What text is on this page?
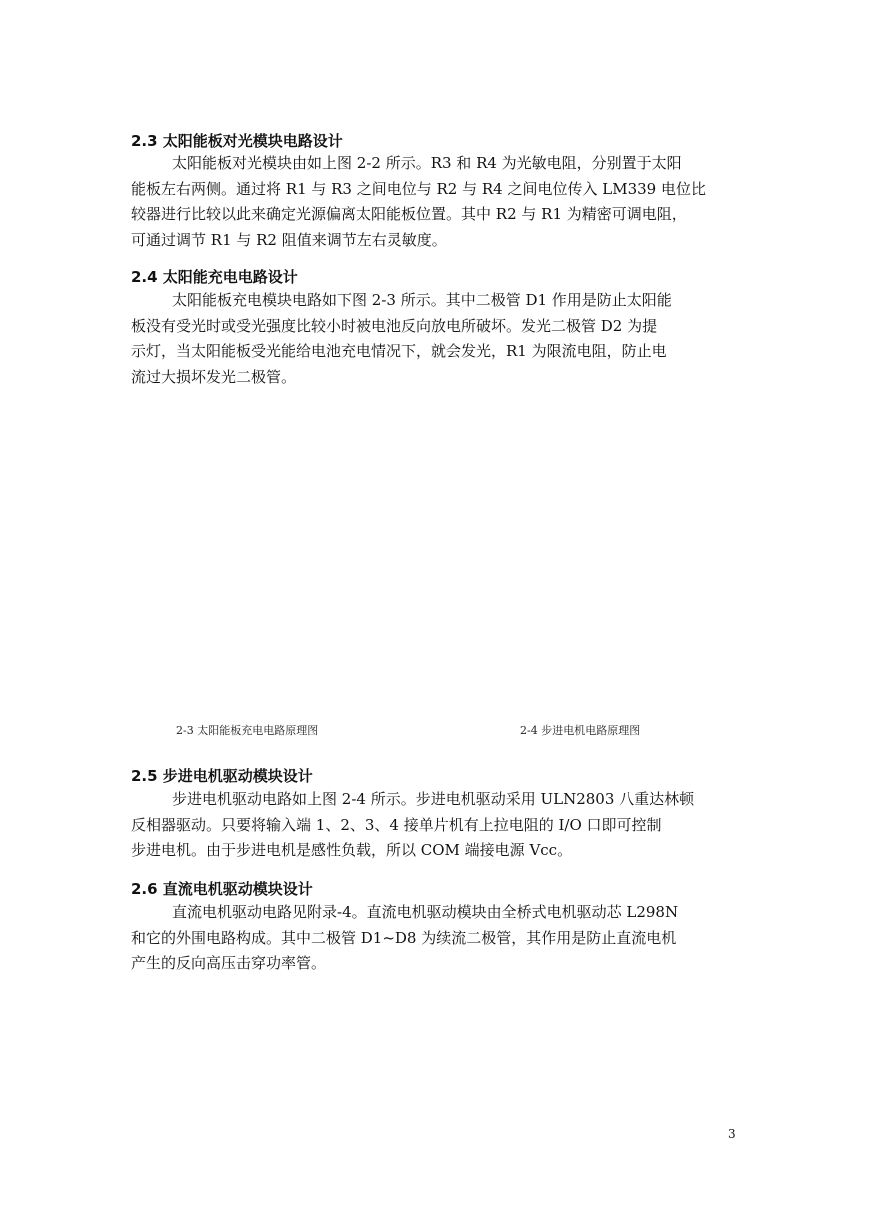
2.3 太阳能板对光模块电路设计
太阳能板对光模块由如上图 2-2 所示。R3 和 R4 为光敏电阻，分别置于太阳
能板左右两侧。通过将 R1 与 R3 之间电位与 R2 与 R4 之间电位传入 LM339 电位比
较器进行比较以此来确定光源偏离太阳能板位置。其中 R2 与 R1 为精密可调电阻，
可通过调节 R1 与 R2 阻值来调节左右灵敏度。
2.4 太阳能充电电路设计
太阳能板充电模块电路如下图 2-3 所示。其中二极管 D1 作用是防止太阳能
板没有受光时或受光强度比较小时被电池反向放电所破坏。发光二极管 D2 为提
示灯，当太阳能板受光能给电池充电情况下，就会发光，R1 为限流电阻，防止电
流过大损坏发光二极管。
2-3 太阳能板充电电路原理图	2-4 步进电机电路原理图
2.5 步进电机驱动模块设计
步进电机驱动电路如上图 2-4 所示。步进电机驱动采用 ULN2803 八重达林顿
反相器驱动。只要将输入端 1、2、3、4 接单片机有上拉电阻的 I/O 口即可控制
步进电机。由于步进电机是感性负载，所以 COM 端接电源 Vcc。
2.6 直流电机驱动模块设计
直流电机驱动电路见附录-4。直流电机驱动模块由全桥式电机驱动芯 L298N
和它的外围电路构成。其中二极管 D1~D8 为续流二极管，其作用是防止直流电机
产生的反向高压击穿功率管。
3
